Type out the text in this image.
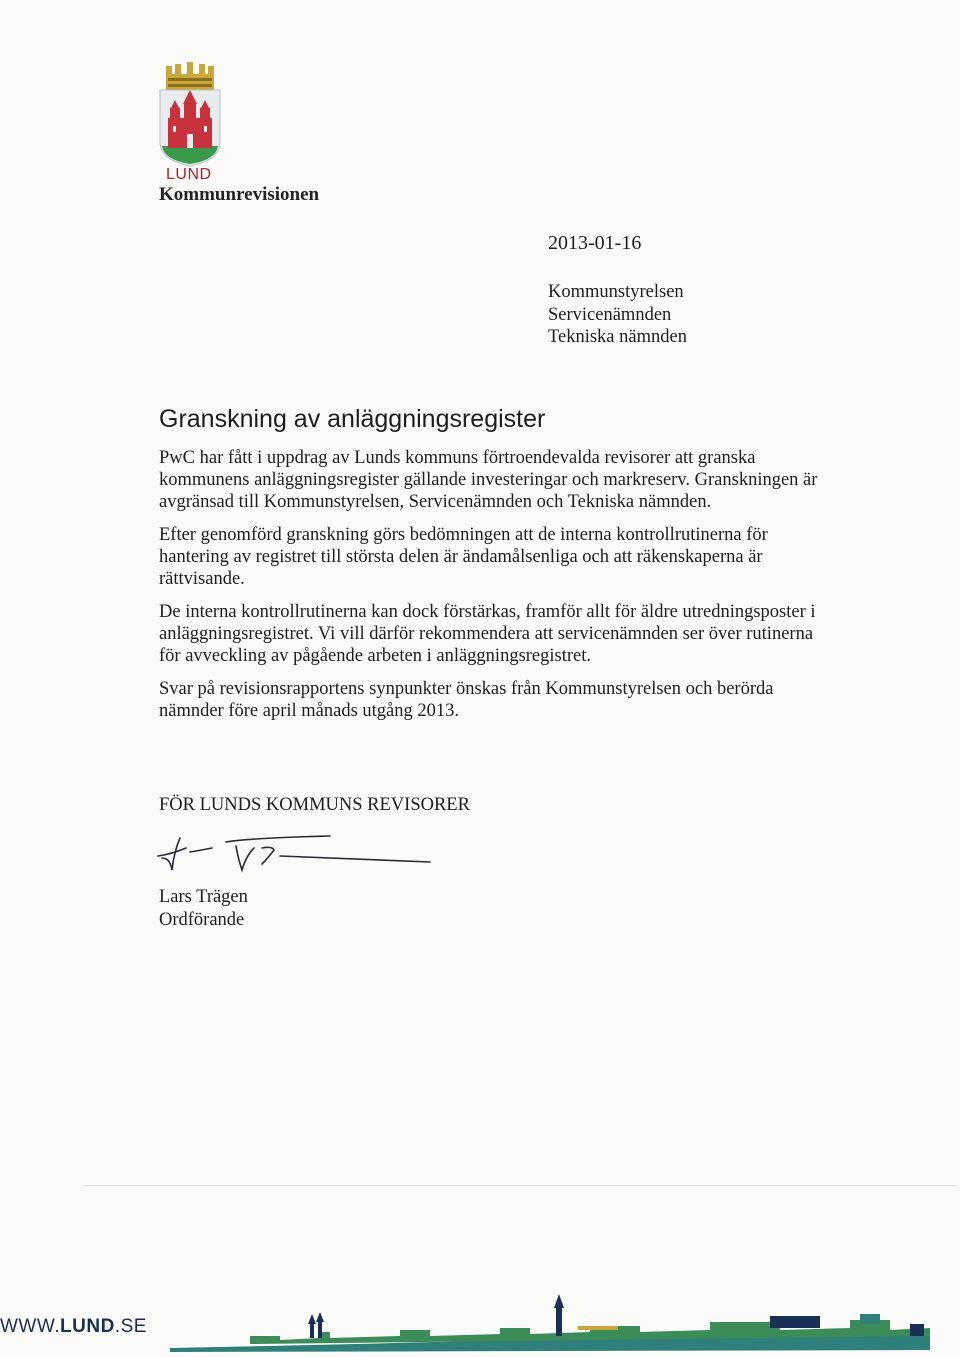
LUND
Kommunrevisionen
2013-01-16
Kommunstyrelsen
Servicenämnden
Tekniska nämnden
Granskning av anläggningsregister

PwC har fått i uppdrag av Lunds kommuns förtroendevalda revisorer att granska kommunens anläggningsregister gällande investeringar och markreserv. Granskningen är avgränsad till Kommunstyrelsen, Servicenämnden och Tekniska nämnden.

Efter genomförd granskning görs bedömningen att de interna kontrollrutinerna för hantering av registret till största delen är ändamålsenliga och att räkenskaperna är rättvisande.

De interna kontrollrutinerna kan dock förstärkas, framför allt för äldre utredningsposter i anläggningsregistret. Vi vill därför rekommendera att servicenämnden ser över rutinerna för avveckling av pågående arbeten i anläggningsregistret.

Svar på revisionsrapportens synpunkter önskas från Kommunstyrelsen och berörda nämnder före april månads utgång 2013.

FÖR LUNDS KOMMUNS REVISORER
Lars Trägen
Ordförande
WWW.LUND.SE
